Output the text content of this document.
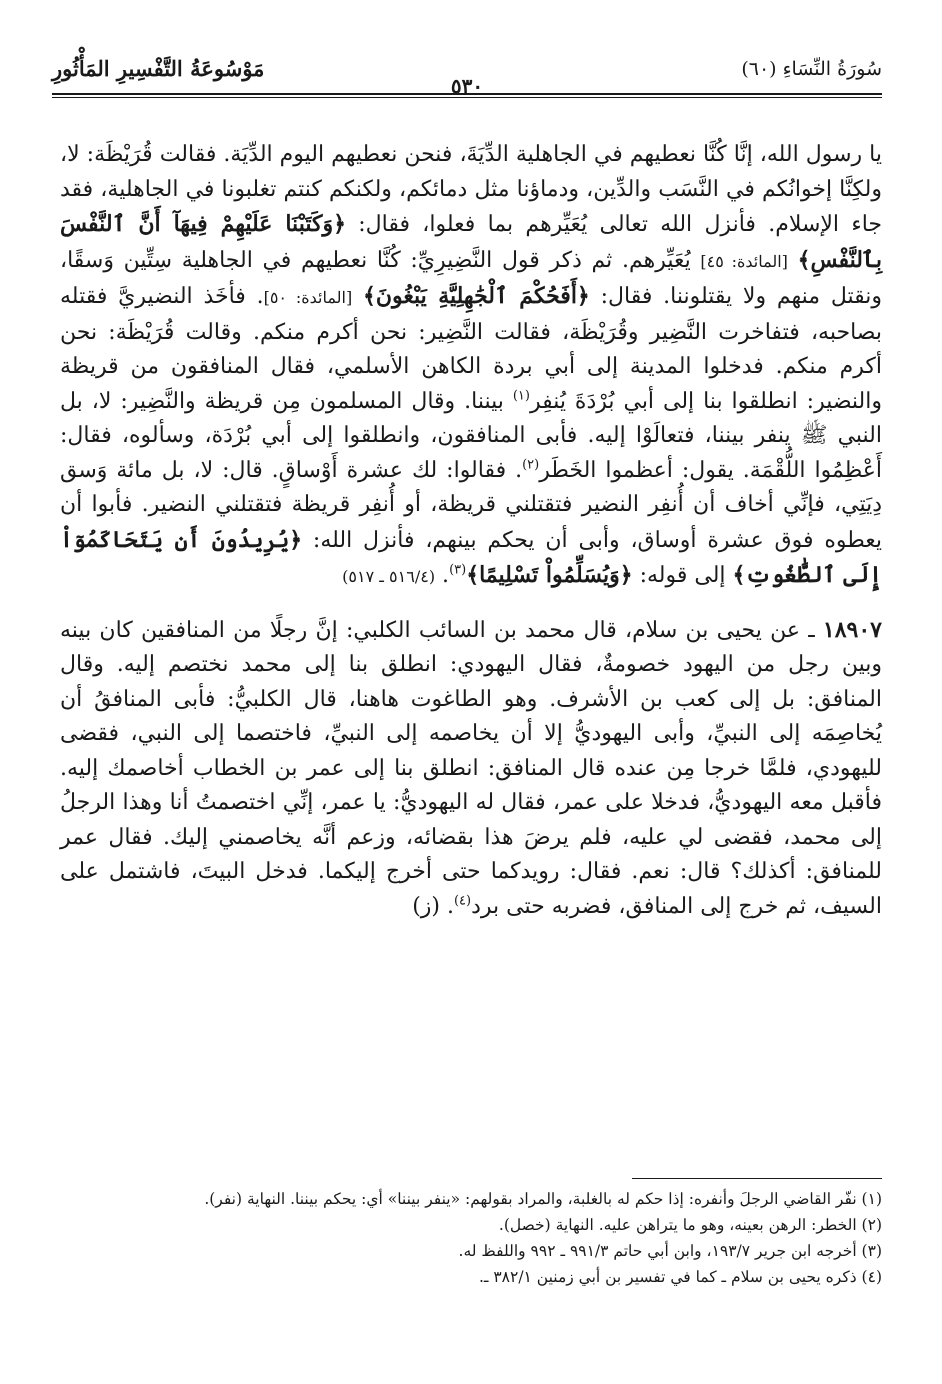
سُورَةُ النِّسَاءِ (٦٠)
٥٣٠
مَوْسُوعَةُ التَّفْسِيرِ المَأْثُورِ

يا رسول الله، إنَّا كُنَّا نعطيهم في الجاهلية الدِّيَةَ، فنحن نعطيهم اليوم الدِّيَة. فقالت قُرَيْظَة: لا، ولكِنَّا إخوانُكم في النَّسَب والدِّين، ودماؤنا مثل دمائكم، ولكنكم كنتم تغلبونا في الجاهلية، فقد جاء الإسلام. فأنزل الله تعالى يُعَيِّرهم بما فعلوا، فقال: ﴿وَكَتَبْنَا عَلَيْهِمْ فِيهَآ أَنَّ ٱلنَّفْسَ بِٱلنَّفْسِ﴾ [المائدة: ٤٥] يُعَيِّرهم. ثم ذكر قول النَّضِيرِيِّ: كُنَّا نعطيهم في الجاهلية سِتِّين وَسقًا، ونقتل منهم ولا يقتلوننا. فقال: ﴿أَفَحُكْمَ ٱلْجَٰهِلِيَّةِ يَبْغُونَ﴾ [المائدة: ٥٠]. فأخَذ النضيريَّ فقتله بصاحبه، فتفاخرت النَّضِير وقُرَيْظَة، فقالت النَّضِير: نحن أكرم منكم. وقالت قُرَيْظَة: نحن أكرم منكم. فدخلوا المدينة إلى أبي بردة الكاهن الأسلمي، فقال المنافقون من قريظة والنضير: انطلقوا بنا إلى أبي بُرْدَةَ يُنفِر$^{(١)}$ بيننا. وقال المسلمون مِن قريظة والنَّضِير: لا، بل النبي ﷺ ينفر بيننا، فتعالَوْا إليه. فأبى المنافقون، وانطلقوا إلى أبي بُرْدَة، وسألوه، فقال: أَعْظِمُوا اللُّقْمَة. يقول: أعظموا الخَطَر$^{(٢)}$. فقالوا: لك عشرة أَوْساقٍ. قال: لا، بل مائة وَسق دِيَتِي، فإنِّي أخاف أن أُنفِر النضير فتقتلني قريظة، أو أُنفِر قريظة فتقتلني النضير. فأبوا أن يعطوه فوق عشرة أوساق، وأبى أن يحكم بينهم، فأنزل الله: ﴿يُرِيدُونَ أَن يَتَحَاكَمُوٓاْ إِلَى ٱلطَّٰغُوتِ﴾ إلى قوله: ﴿وَيُسَلِّمُواْ تَسْلِيمًا﴾$^{(٣)}$. (٥١٦/٤ ـ ٥١٧)

١٨٩٠٧ ـ عن يحيى بن سلام، قال محمد بن السائب الكلبي: إنَّ رجلًا من المنافقين كان بينه وبين رجل من اليهود خصومةٌ، فقال اليهودي: انطلق بنا إلى محمد نختصم إليه. وقال المنافق: بل إلى كعب بن الأشرف. وهو الطاغوت هاهنا، قال الكلبيُّ: فأبى المنافقُ أن يُخاصِمَه إلى النبيِّ، وأبى اليهوديُّ إلا أن يخاصمه إلى النبيِّ، فاختصما إلى النبي، فقضى لليهودي، فلمَّا خرجا مِن عنده قال المنافق: انطلق بنا إلى عمر بن الخطاب أخاصمك إليه. فأقبل معه اليهوديُّ، فدخلا على عمر، فقال له اليهوديُّ: يا عمر، إنِّي اختصمتُ أنا وهذا الرجلُ إلى محمد، فقضى لي عليه، فلم يرضَ هذا بقضائه، وزعم أنَّه يخاصمني إليك. فقال عمر للمنافق: أكذلك؟ قال: نعم. فقال: رويدكما حتى أخرج إليكما. فدخل البيتَ، فاشتمل على السيف، ثم خرج إلى المنافق، فضربه حتى برد$^{(٤)}$. (ز)

(١) نفّر القاضي الرجلَ وأنفره: إذا حكم له بالغلبة، والمراد بقولهم: «ينفر بيننا» أي: يحكم بيننا. النهاية (نفر).

(٢) الخطر: الرهن بعينه، وهو ما يتراهن عليه. النهاية (خصل).

(٣) أخرجه ابن جرير ١٩٣/٧، وابن أبي حاتم ٩٩١/٣ ـ ٩٩٢ واللفظ له.

(٤) ذكره يحيى بن سلام ـ كما في تفسير بن أبي زمنين ٣٨٢/١ ـ.
